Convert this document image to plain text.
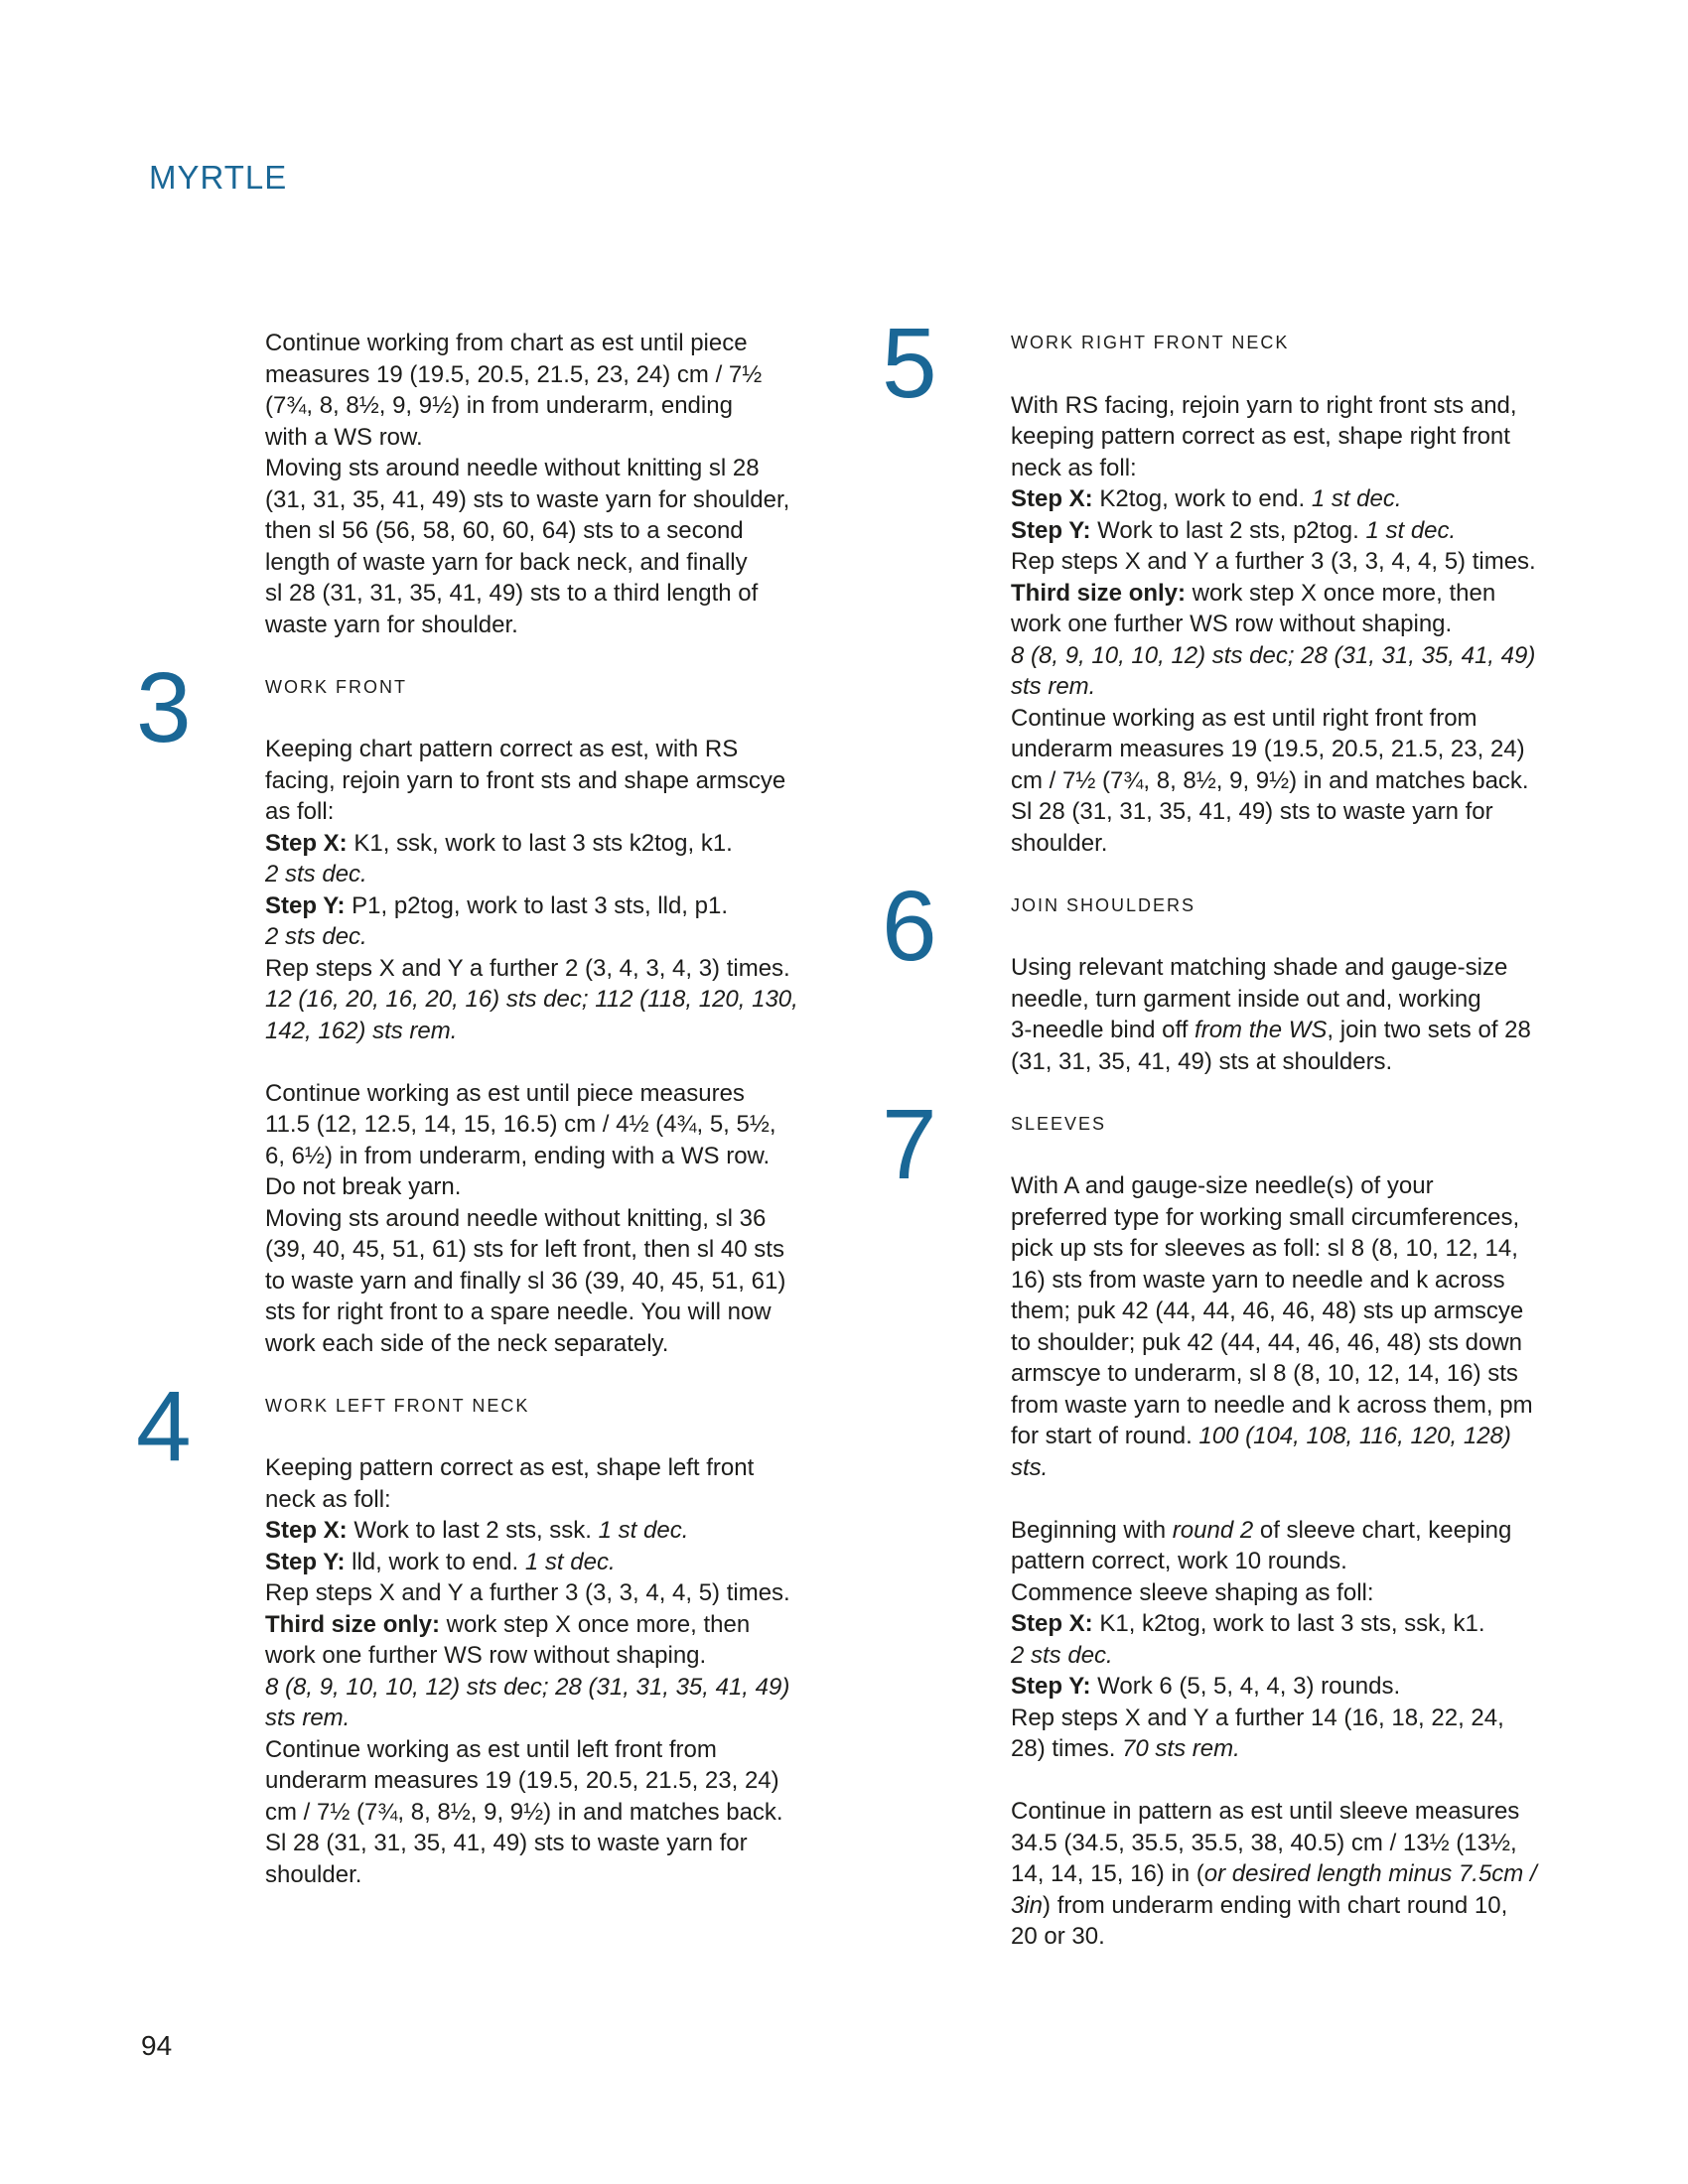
MYRTLE
Continue working from chart as est until piece
measures 19 (19.5, 20.5, 21.5, 23, 24) cm / 7½
(7¾, 8, 8½, 9, 9½) in from underarm, ending
with a WS row.
Moving sts around needle without knitting sl 28
(31, 31, 35, 41, 49) sts to waste yarn for shoulder,
then sl 56 (56, 58, 60, 60, 64) sts to a second
length of waste yarn for back neck, and finally
sl 28 (31, 31, 35, 41, 49) sts to a third length of
waste yarn for shoulder.
3	WORK FRONT
Keeping chart pattern correct as est, with RS
facing, rejoin yarn to front sts and shape armscye
as foll:
Step X: K1, ssk, work to last 3 sts k2tog, k1.
2 sts dec.
Step Y: P1, p2tog, work to last 3 sts, lld, p1.
2 sts dec.
Rep steps X and Y a further 2 (3, 4, 3, 4, 3) times.
12 (16, 20, 16, 20, 16) sts dec; 112 (118, 120, 130,
142, 162) sts rem.
Continue working as est until piece measures
11.5 (12, 12.5, 14, 15, 16.5) cm / 4½ (4¾, 5, 5½,
6, 6½) in from underarm, ending with a WS row.
Do not break yarn.
Moving sts around needle without knitting, sl 36
(39, 40, 45, 51, 61) sts for left front, then sl 40 sts
to waste yarn and finally sl 36 (39, 40, 45, 51, 61)
sts for right front to a spare needle. You will now
work each side of the neck separately.
4	WORK LEFT FRONT NECK
Keeping pattern correct as est, shape left front
neck as foll:
Step X: Work to last 2 sts, ssk. 1 st dec.
Step Y: lld, work to end. 1 st dec.
Rep steps X and Y a further 3 (3, 3, 4, 4, 5) times.
Third size only: work step X once more, then
work one further WS row without shaping.
8 (8, 9, 10, 10, 12) sts dec; 28 (31, 31, 35, 41, 49)
sts rem.
Continue working as est until left front from
underarm measures 19 (19.5, 20.5, 21.5, 23, 24)
cm / 7½ (7¾, 8, 8½, 9, 9½) in and matches back.
Sl 28 (31, 31, 35, 41, 49) sts to waste yarn for
shoulder.
5	WORK RIGHT FRONT NECK
With RS facing, rejoin yarn to right front sts and,
keeping pattern correct as est, shape right front
neck as foll:
Step X: K2tog, work to end. 1 st dec.
Step Y: Work to last 2 sts, p2tog. 1 st dec.
Rep steps X and Y a further 3 (3, 3, 4, 4, 5) times.
Third size only: work step X once more, then
work one further WS row without shaping.
8 (8, 9, 10, 10, 12) sts dec; 28 (31, 31, 35, 41, 49)
sts rem.
Continue working as est until right front from
underarm measures 19 (19.5, 20.5, 21.5, 23, 24)
cm / 7½ (7¾, 8, 8½, 9, 9½) in and matches back.
Sl 28 (31, 31, 35, 41, 49) sts to waste yarn for
shoulder.
6	JOIN SHOULDERS
Using relevant matching shade and gauge-size
needle, turn garment inside out and, working
3-needle bind off from the WS, join two sets of 28
(31, 31, 35, 41, 49) sts at shoulders.
7	SLEEVES
With A and gauge-size needle(s) of your
preferred type for working small circumferences,
pick up sts for sleeves as foll: sl 8 (8, 10, 12, 14,
16) sts from waste yarn to needle and k across
them; puk 42 (44, 44, 46, 46, 48) sts up armscye
to shoulder; puk 42 (44, 44, 46, 46, 48) sts down
armscye to underarm, sl 8 (8, 10, 12, 14, 16) sts
from waste yarn to needle and k across them, pm
for start of round. 100 (104, 108, 116, 120, 128)
sts.
Beginning with round 2 of sleeve chart, keeping
pattern correct, work 10 rounds.
Commence sleeve shaping as foll:
Step X: K1, k2tog, work to last 3 sts, ssk, k1.
2 sts dec.
Step Y: Work 6 (5, 5, 4, 4, 3) rounds.
Rep steps X and Y a further 14 (16, 18, 22, 24,
28) times. 70 sts rem.
Continue in pattern as est until sleeve measures
34.5 (34.5, 35.5, 35.5, 38, 40.5) cm / 13½ (13½,
14, 14, 15, 16) in (or desired length minus 7.5cm /
3in) from underarm ending with chart round 10,
20 or 30.
94
